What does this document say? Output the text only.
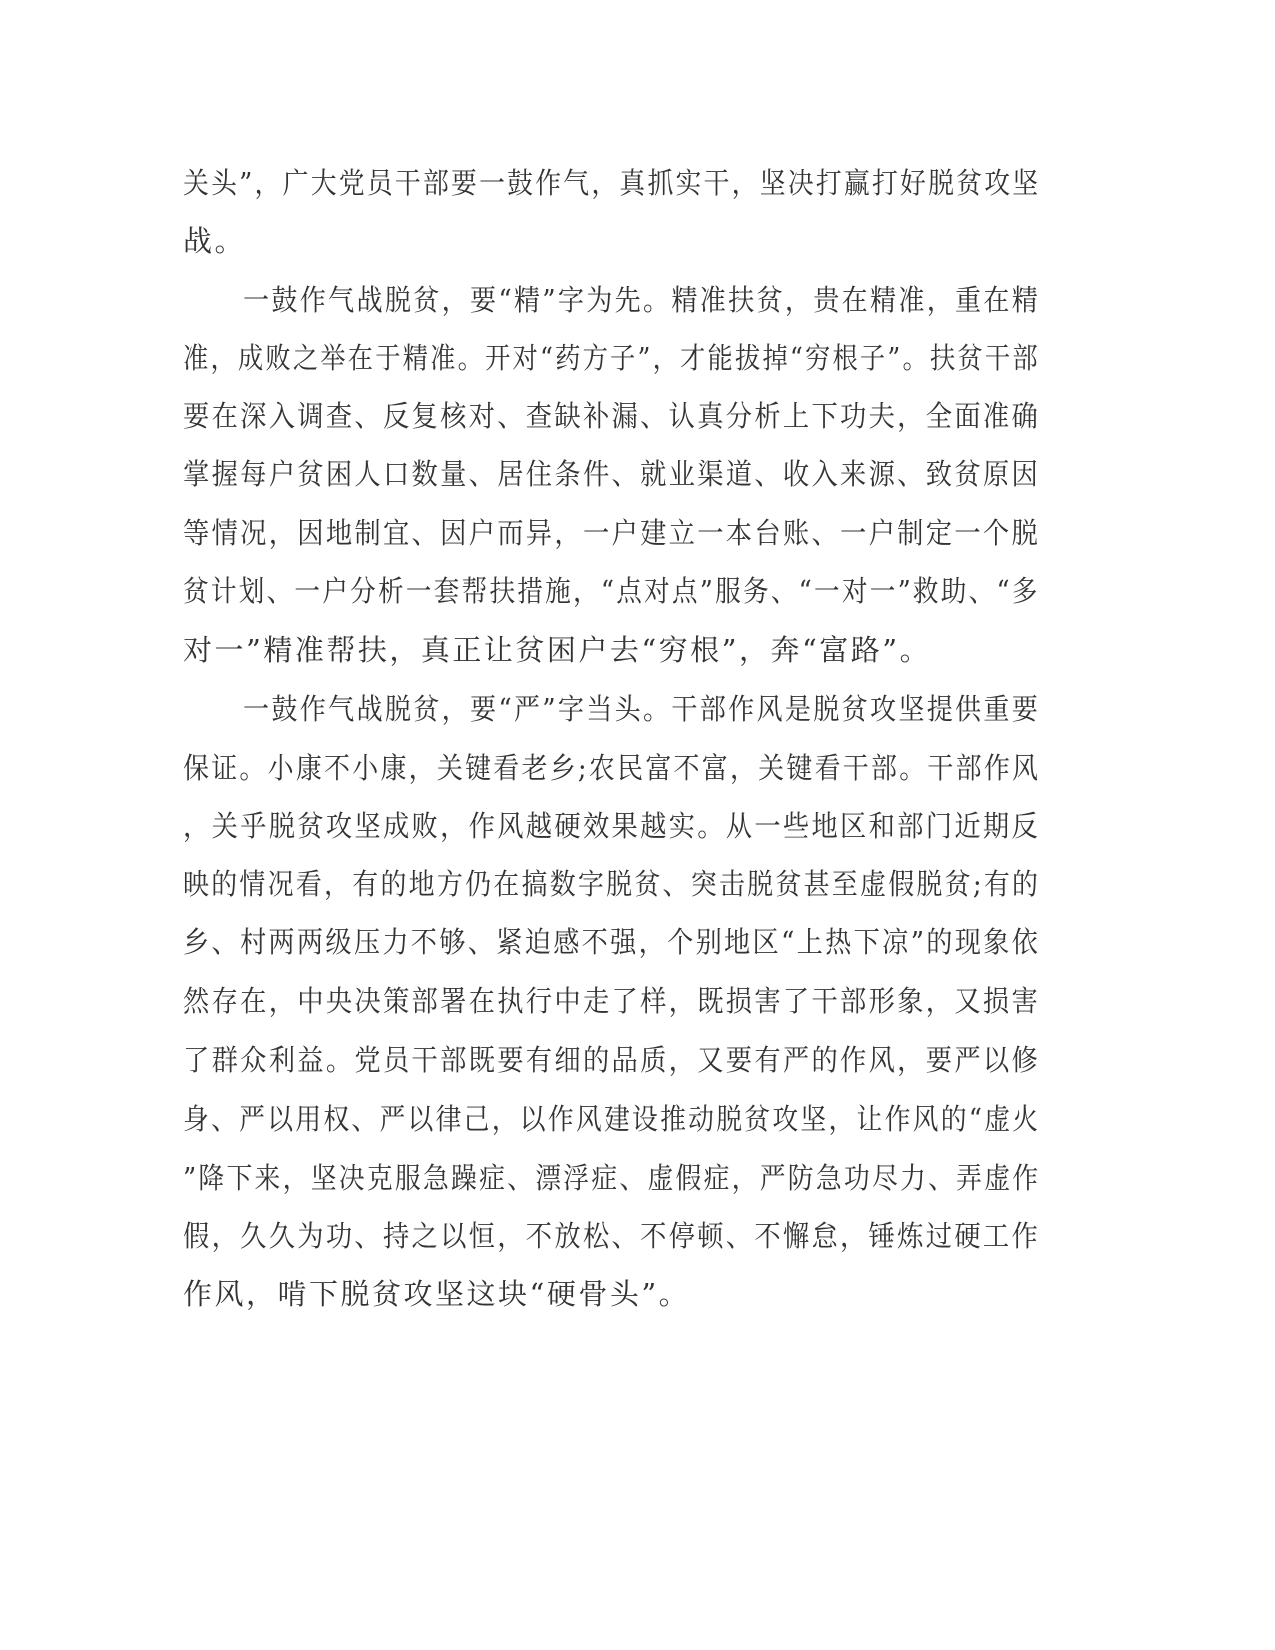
关头”，广大党员干部要一鼓作气，真抓实干，坚决打赢打好脱贫攻坚
战。
一鼓作气战脱贫，要“精”字为先。精准扶贫，贵在精准，重在精
准，成败之举在于精准。开对“药方子”，才能拔掉“穷根子”。扶贫干部
要在深入调查、反复核对、查缺补漏、认真分析上下功夫，全面准确
掌握每户贫困人口数量、居住条件、就业渠道、收入来源、致贫原因
等情况，因地制宜、因户而异，一户建立一本台账、一户制定一个脱
贫计划、一户分析一套帮扶措施，“点对点”服务、“一对一”救助、“多
对一”精准帮扶，真正让贫困户去“穷根”，奔“富路”。
一鼓作气战脱贫，要“严”字当头。干部作风是脱贫攻坚提供重要
保证。小康不小康，关键看老乡;农民富不富，关键看干部。干部作风
，关乎脱贫攻坚成败，作风越硬效果越实。从一些地区和部门近期反
映的情况看，有的地方仍在搞数字脱贫、突击脱贫甚至虚假脱贫;有的
乡、村两两级压力不够、紧迫感不强，个别地区“上热下凉”的现象依
然存在，中央决策部署在执行中走了样，既损害了干部形象，又损害
了群众利益。党员干部既要有细的品质，又要有严的作风，要严以修
身、严以用权、严以律己，以作风建设推动脱贫攻坚，让作风的“虚火
”降下来，坚决克服急躁症、漂浮症、虚假症，严防急功尽力、弄虚作
假，久久为功、持之以恒，不放松、不停顿、不懈怠，锤炼过硬工作
作风，啃下脱贫攻坚这块“硬骨头”。
